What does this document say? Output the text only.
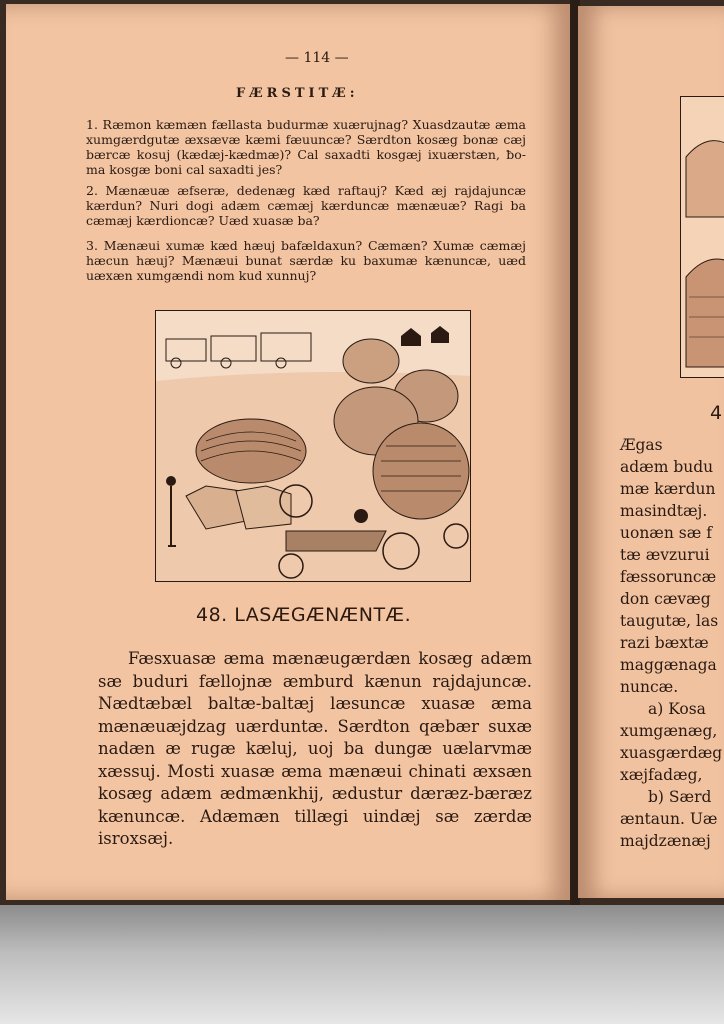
4

Ægas

adæm budu

mæ kærdun

masindtæj.

uonæn sæ f

tæ ævzurui

fæssoruncæ

don cævæg

taugutæ, las

razi bæxtæ

maggænaga

nuncæ.

a) Kosa

xumgænæg,

xuasgærdæg

xæjfadæg,

b) Særd

æntaun. Uæ

majdzænæj

— 114 —
FÆRSTITÆ:

1. Ræmon kæmæn fællasta budurmæ xuærujnag? Xuasdzautæ æma xumgærdgutæ æxsævæ kæmi fæuuncæ? Særdton kosæg bonæ cæj bærcæ kosuj (kædæj-kædmæ)? Cal saxadti kosgæj ixuærstæn, ƀo-ma kosgæ boni cal saxadti jes?

2. Mænæuæ æfseræ, dedenæg kæd raftauj? Kæd æj rajdajuncæ kærdun? Nuri dogi adæm cæmæj kærduncæ mænæuæ? Ragi ba cæmæj kærdioncæ? Uæd xuasæ ba?

3. Mænæui xumæ kæd hæuj bafældaxun? Cæmæn? Xumæ cæmæj hæcun hæuj? Mænæui bunat særdæ ku baxumæ kænuncæ, uæd uæxæn xumgændi nom kud xunnuj?

48. LASÆGÆNÆNTÆ.

Fæsxuasæ æma mænæugærdæn kosæg adæm sæ buduri fællojnæ æmburd kænun rajdajuncæ. Nædtæbæl baltæ-baltæj læsuncæ xuasæ æma mænæuæjdzag uærduntæ. Særdton qæbær suxæ nadæn æ rugæ kæluj, uoj ba dungæ uælarvmæ xæssuj. Mosti xuasæ æma mænæui chinati æxsæn kosæg adæm ædmænkhij, ædustur dæræz-bæræz kænuncæ. Adæmæn tillægi uindæj sæ zærdæ isroxsæj.
